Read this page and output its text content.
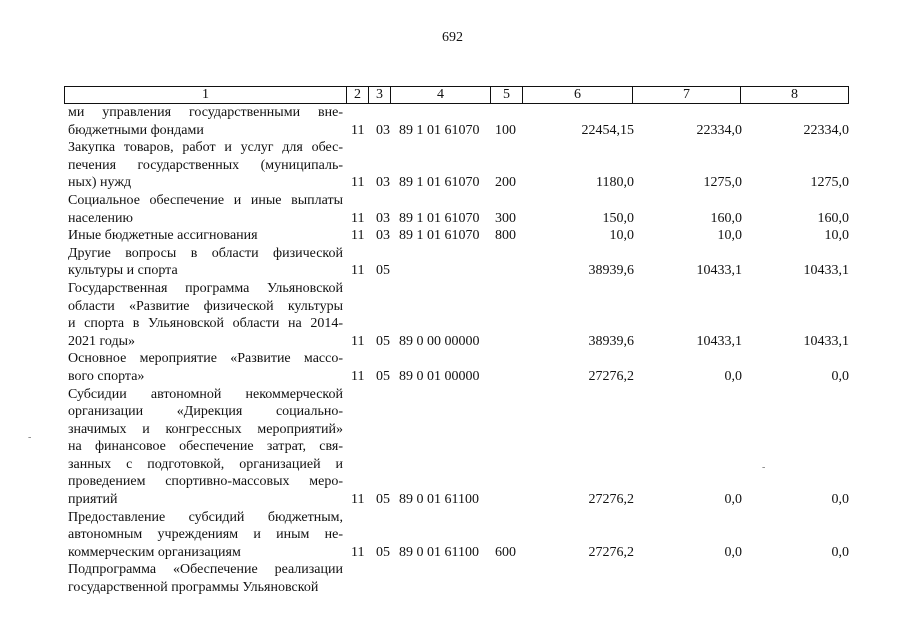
692
1	2	3	4	5	6	7	8
ми управления государственными вне-
бюджетными фондами	11 03 89 1 01 61070 100	22454,15	22334,0	22334,0
Закупка товаров, работ и услуг для обес-
печения государственных (муниципаль-
ных) нужд	11 03 89 1 01 61070 200	1180,0	1275,0	1275,0
Социальное обеспечение и иные выплаты
населению	11 03 89 1 01 61070 300	150,0	160,0	160,0
Иные бюджетные ассигнования	11 03 89 1 01 61070 800	10,0	10,0	10,0
Другие вопросы в области физической
культуры и спорта	11 05	38939,6	10433,1	10433,1
Государственная программа Ульяновской
области «Развитие физической культуры
и спорта в Ульяновской области на 2014-
2021 годы»	11 05 89 0 00 00000	38939,6	10433,1	10433,1
Основное мероприятие «Развитие массо-
вого спорта»	11 05 89 0 01 00000	27276,2	0,0	0,0
Субсидии автономной некоммерческой
организации «Дирекция социально-
значимых и конгрессных мероприятий»
на финансовое обеспечение затрат, свя-
занных с подготовкой, организацией и
проведением спортивно-массовых меро-
приятий	11 05 89 0 01 61100	27276,2	0,0	0,0
Предоставление субсидий бюджетным,
автономным учреждениям и иным не-
коммерческим организациям	11 05 89 0 01 61100 600	27276,2	0,0	0,0
Подпрограмма «Обеспечение реализации
государственной программы Ульяновской
-
-
